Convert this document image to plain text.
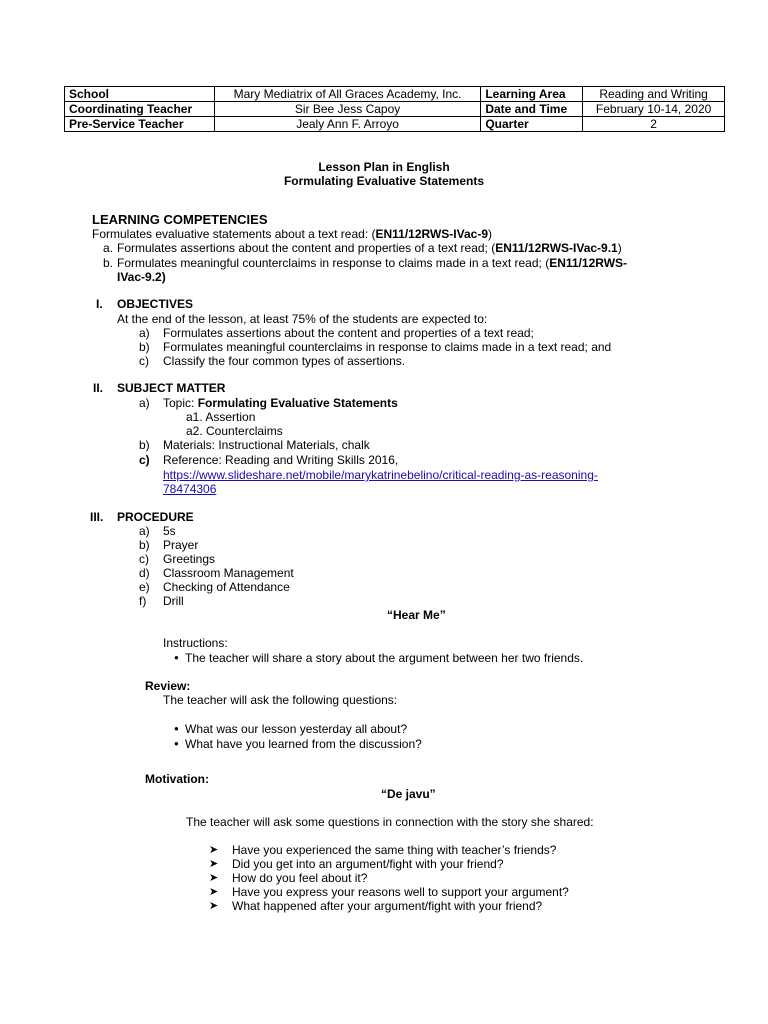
School	Mary Mediatrix of All Graces Academy, Inc.	Learning Area	Reading and Writing
Coordinating Teacher	Sir Bee Jess Capoy	Date and Time	February 10-14, 2020
Pre-Service Teacher	Jealy Ann F. Arroyo	Quarter	2
Lesson Plan in English
Formulating Evaluative Statements
LEARNING COMPETENCIES
Formulates evaluative statements about a text read: (EN11/12RWS-IVac-9)
a. Formulates assertions about the content and properties of a text read; (EN11/12RWS-IVac-9.1)
b. Formulates meaningful counterclaims in response to claims made in a text read; (EN11/12RWS-
IVac-9.2)
I. OBJECTIVES
At the end of the lesson, at least 75% of the students are expected to:
a) Formulates assertions about the content and properties of a text read;
b) Formulates meaningful counterclaims in response to claims made in a text read; and
c) Classify the four common types of assertions.
II. SUBJECT MATTER
a) Topic: Formulating Evaluative Statements
a1. Assertion
a2. Counterclaims
b) Materials: Instructional Materials, chalk
c) Reference: Reading and Writing Skills 2016,
https://www.slideshare.net/mobile/marykatrinebelino/critical-reading-as-reasoning-
78474306
III. PROCEDURE
a) 5s
b) Prayer
c) Greetings
d) Classroom Management
e) Checking of Attendance
f) Drill
“Hear Me”
Instructions:
● The teacher will share a story about the argument between her two friends.
Review:
The teacher will ask the following questions:
● What was our lesson yesterday all about?
● What have you learned from the discussion?
Motivation:
“De javu”
The teacher will ask some questions in connection with the story she shared:
➤ Have you experienced the same thing with teacher’s friends?
➤ Did you get into an argument/fight with your friend?
➤ How do you feel about it?
➤ Have you express your reasons well to support your argument?
➤ What happened after your argument/fight with your friend?
